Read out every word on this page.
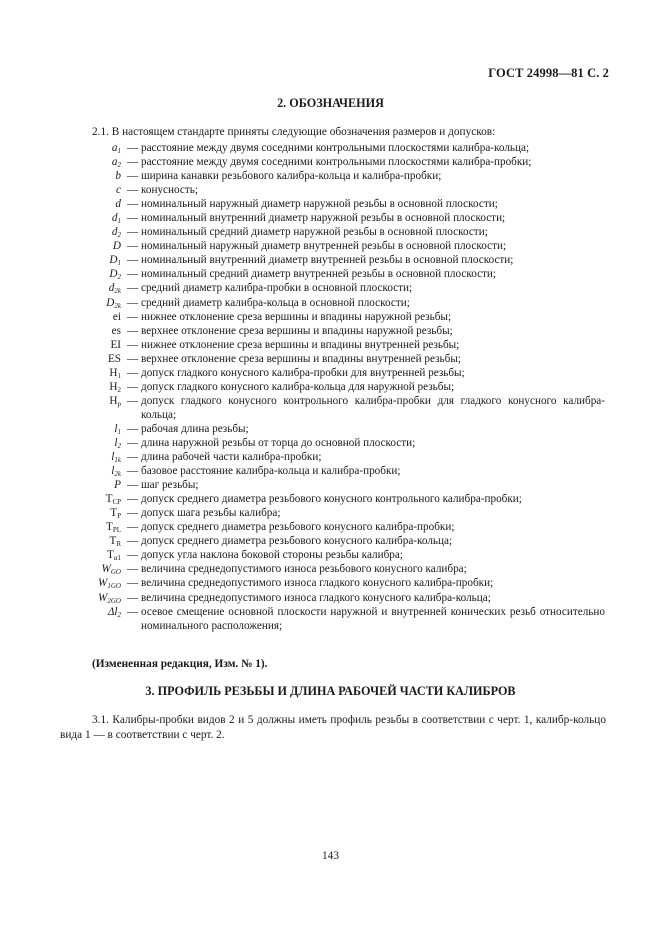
ГОСТ 24998—81 С. 2
2. ОБОЗНАЧЕНИЯ
2.1. В настоящем стандарте приняты следующие обозначения размеров и допусков:
$a_1$ — расстояние между двумя соседними контрольными плоскостями калибра-кольца;
$a_2$ — расстояние между двумя соседними контрольными плоскостями калибра-пробки;
b — ширина канавки резьбового калибра-кольца и калибра-пробки;
c — конусность;
d — номинальный наружный диаметр наружной резьбы в основной плоскости;
$d_1$ — номинальный внутренний диаметр наружной резьбы в основной плоскости;
$d_2$ — номинальный средний диаметр наружной резьбы в основной плоскости;
D — номинальный наружный диаметр внутренней резьбы в основной плоскости;
$D_1$ — номинальный внутренний диаметр внутренней резьбы в основной плоскости;
$D_2$ — номинальный средний диаметр внутренней резьбы в основной плоскости;
$d_{2k}$ — средний диаметр калибра-пробки в основной плоскости;
$D_{2k}$ — средний диаметр калибра-кольца в основной плоскости;
ei — нижнее отклонение среза вершины и впадины наружной резьбы;
es — верхнее отклонение среза вершины и впадины наружной резьбы;
EI — нижнее отклонение среза вершины и впадины внутренней резьбы;
ES — верхнее отклонение среза вершины и впадины внутренней резьбы;
$H_1$ — допуск гладкого конусного калибра-пробки для внутренней резьбы;
$H_2$ — допуск гладкого конусного калибра-кольца для наружной резьбы;
$H_p$ — допуск гладкого конусного контрольного калибра-пробки для гладкого конусного калибра-кольца;
$l_1$ — рабочая длина резьбы;
$l_2$ — длина наружной резьбы от торца до основной плоскости;
$l_{1k}$ — длина рабочей части калибра-пробки;
$l_{2k}$ — базовое расстояние калибра-кольца и калибра-пробки;
P — шаг резьбы;
$T_{CP}$ — допуск среднего диаметра резьбового конусного контрольного калибра-пробки;
$T_P$ — допуск шага резьбы калибра;
$T_{PL}$ — допуск среднего диаметра резьбового конусного калибра-пробки;
$T_R$ — допуск среднего диаметра резьбового конусного калибра-кольца;
$T_{\alpha 1}$ — допуск угла наклона боковой стороны резьбы калибра;
$W_{GO}$ — величина среднедопустимого износа резьбового конусного калибра;
$W_{1GO}$ — величина среднедопустимого износа гладкого конусного калибра-пробки;
$W_{2GO}$ — величина среднедопустимого износа гладкого конусного калибра-кольца;
$\Delta l_2$ — осевое смещение основной плоскости наружной и внутренней конических резьб относительно номинального расположения;
(Измененная редакция, Изм. № 1).
3. ПРОФИЛЬ РЕЗЬБЫ И ДЛИНА РАБОЧЕЙ ЧАСТИ КАЛИБРОВ
3.1. Калибры-пробки видов 2 и 5 должны иметь профиль резьбы в соответствии с черт. 1, калибр-кольцо вида 1 — в соответствии с черт. 2.
143
